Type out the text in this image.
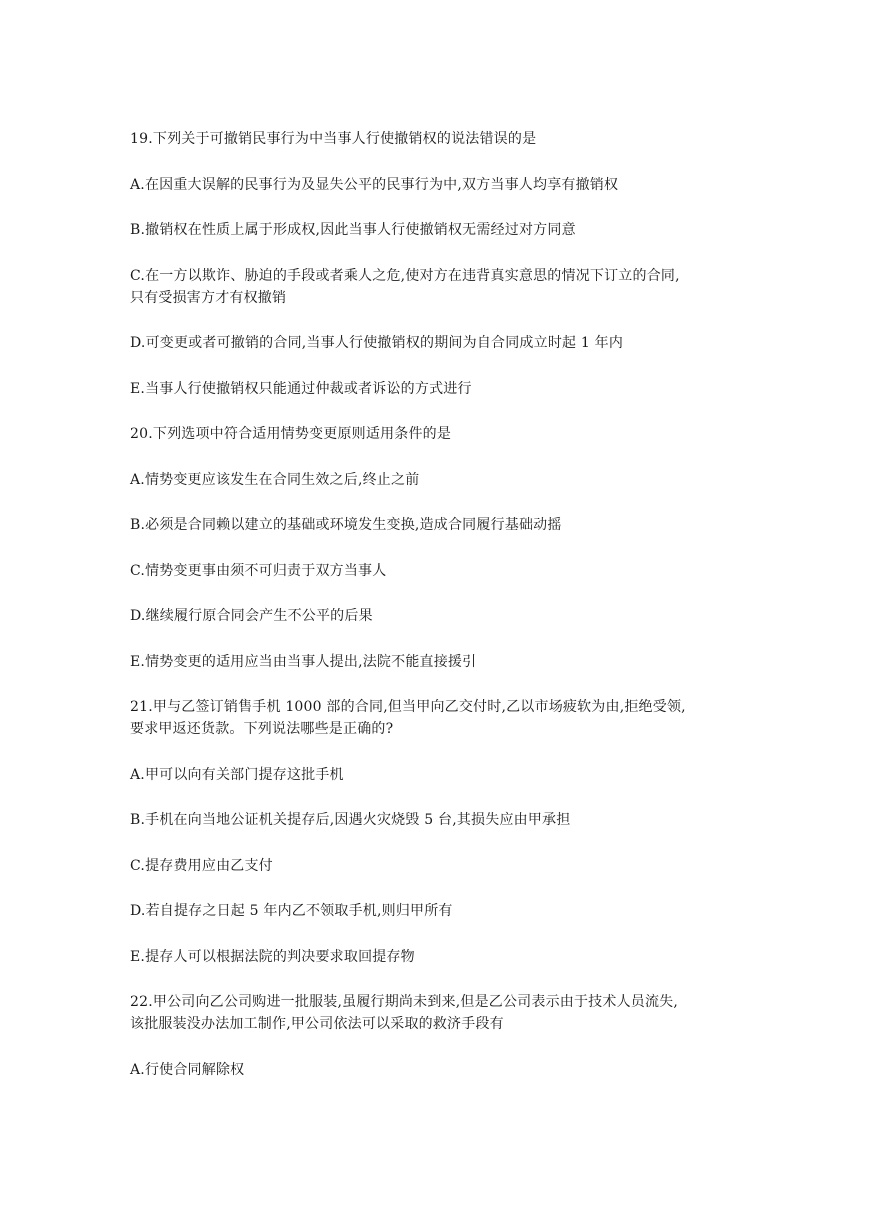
19.下列关于可撤销民事行为中当事人行使撤销权的说法错误的是
A.在因重大误解的民事行为及显失公平的民事行为中,双方当事人均享有撤销权
B.撤销权在性质上属于形成权,因此当事人行使撤销权无需经过对方同意
C.在一方以欺诈、胁迫的手段或者乘人之危,使对方在违背真实意思的情况下订立的合同,
只有受损害方才有权撤销
D.可变更或者可撤销的合同,当事人行使撤销权的期间为自合同成立时起 1 年内
E.当事人行使撤销权只能通过仲裁或者诉讼的方式进行
20.下列选项中符合适用情势变更原则适用条件的是
A.情势变更应该发生在合同生效之后,终止之前
B.必须是合同赖以建立的基础或环境发生变换,造成合同履行基础动摇
C.情势变更事由须不可归责于双方当事人
D.继续履行原合同会产生不公平的后果
E.情势变更的适用应当由当事人提出,法院不能直接援引
21.甲与乙签订销售手机 1000 部的合同,但当甲向乙交付时,乙以市场疲软为由,拒绝受领,
要求甲返还货款。下列说法哪些是正确的?
A.甲可以向有关部门提存这批手机
B.手机在向当地公证机关提存后,因遇火灾烧毁 5 台,其损失应由甲承担
C.提存费用应由乙支付
D.若自提存之日起 5 年内乙不领取手机,则归甲所有
E.提存人可以根据法院的判决要求取回提存物
22.甲公司向乙公司购进一批服装,虽履行期尚未到来,但是乙公司表示由于技术人员流失,
该批服装没办法加工制作,甲公司依法可以采取的救济手段有
A.行使合同解除权
